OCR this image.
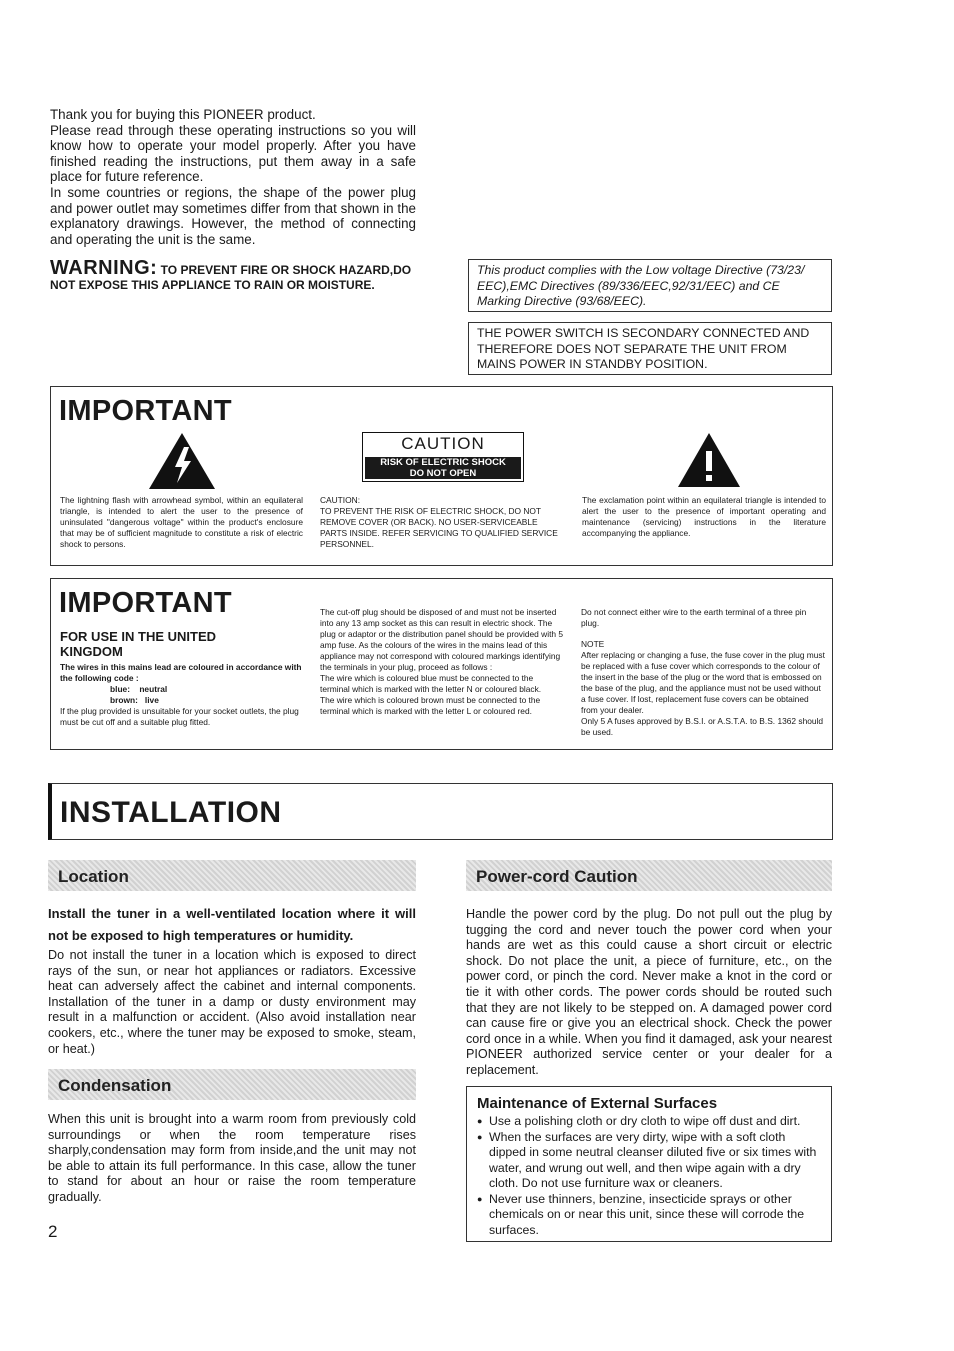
Thank you for buying this PIONEER product.

Please read through these operating instructions so you will know how to operate your model properly. After you have finished reading the instructions, put them away in a safe place for future reference.

In some countries or regions, the shape of the power plug and power outlet may sometimes differ from that shown in the explanatory drawings. However, the method of connecting and operating the unit is the same.

WARNING: TO PREVENT FIRE OR SHOCK HAZARD,DO NOT EXPOSE THIS APPLIANCE TO RAIN OR MOISTURE.
This product complies with the Low voltage Directive (73/23/ EEC),EMC Directives (89/336/EEC,92/31/EEC) and CE Marking Directive (93/68/EEC).
THE POWER SWITCH IS SECONDARY CONNECTED AND THEREFORE DOES NOT SEPARATE THE UNIT FROM MAINS POWER IN STANDBY POSITION.
IMPORTANT
The lightning flash with arrowhead symbol, within an equilateral triangle, is intended to alert the user to the presence of uninsulated "dangerous voltage" within the product's enclosure that may be of sufficient magnitude to constitute a risk of electric shock to persons.

CAUTION:

TO PREVENT THE RISK OF ELECTRIC SHOCK, DO NOT REMOVE COVER (OR BACK). NO USER-SERVICEABLE PARTS INSIDE. REFER SERVICING TO QUALIFIED SERVICE PERSONNEL.

The exclamation point within an equilateral triangle is intended to alert the user to the presence of important operating and maintenance (servicing) instructions in the literature accompanying the appliance.
CAUTION
RISK OF ELECTRIC SHOCK
DO NOT OPEN
IMPORTANT
FOR USE IN THE UNITED KINGDOM

The wires in this mains lead are coloured in accordance with the following code :

blue:    neutral

brown:   live

If the plug provided is unsuitable for your socket outlets, the plug must be cut off and a suitable plug fitted.

The cut-off plug should be disposed of and must not be inserted into any 13 amp socket as this can result in electric shock. The plug or adaptor or the distribution panel should be provided with 5 amp fuse. As the colours of the wires in the mains lead of this appliance may not correspond with coloured markings identifying the terminals in your plug, proceed as follows :

The wire which is coloured blue must be connected to the terminal which is marked with the letter N or coloured black.

The wire which is coloured brown must be connected to the terminal which is marked with the letter L or coloured red.

Do not connect either wire to the earth terminal of a three pin plug.

NOTE

After replacing or changing a fuse, the fuse cover in the plug must be replaced with a fuse cover which corresponds to the colour of the insert in the base of the plug or the word that is embossed on the base of the plug, and the appliance must not be used without a fuse cover. If lost, replacement fuse covers can be obtained from your dealer.

Only 5 A fuses approved by B.S.I. or A.S.T.A. to B.S. 1362 should be used.

INSTALLATION
Location
Install the tuner in a well-ventilated location where it will not be exposed to high temperatures or humidity.
Do not install the tuner in a location which is exposed to direct rays of the sun, or near hot appliances or radiators. Excessive heat can adversely affect the cabinet and internal components. Installation of the tuner in a damp or dusty environment may result in a malfunction or accident. (Also avoid installation near cookers, etc., where the tuner may be exposed to smoke, steam, or heat.)
Condensation
When this unit is brought into a warm room from previously cold surroundings or when the room temperature rises sharply,condensation may form from inside,and the unit may not be able to attain its full performance. In this case, allow the tuner to stand for about an hour or raise the room temperature gradually.
Power-cord Caution
Handle the power cord by the plug. Do not pull out the plug by tugging the cord and never touch the power cord when your hands are wet as this could cause a short circuit or electric shock. Do not place the unit, a piece of furniture, etc., on the power cord, or pinch the cord. Never make a knot in the cord or tie it with other cords. The power cords should be routed such that they are not likely to be stepped on. A damaged power cord can cause fire or give you an electrical shock. Check the power cord once in a while. When you find it damaged, ask your nearest PIONEER authorized service center or your dealer for a replacement.
Maintenance of External Surfaces
● Use a polishing cloth or dry cloth to wipe off dust and dirt.
● When the surfaces are very dirty, wipe with a soft cloth dipped in some neutral cleanser diluted five or six times with water, and wrung out well, and then wipe again with a dry cloth. Do not use furniture wax or cleaners.
● Never use thinners, benzine, insecticide sprays or other chemicals on or near this unit, since these will corrode the surfaces.
2
